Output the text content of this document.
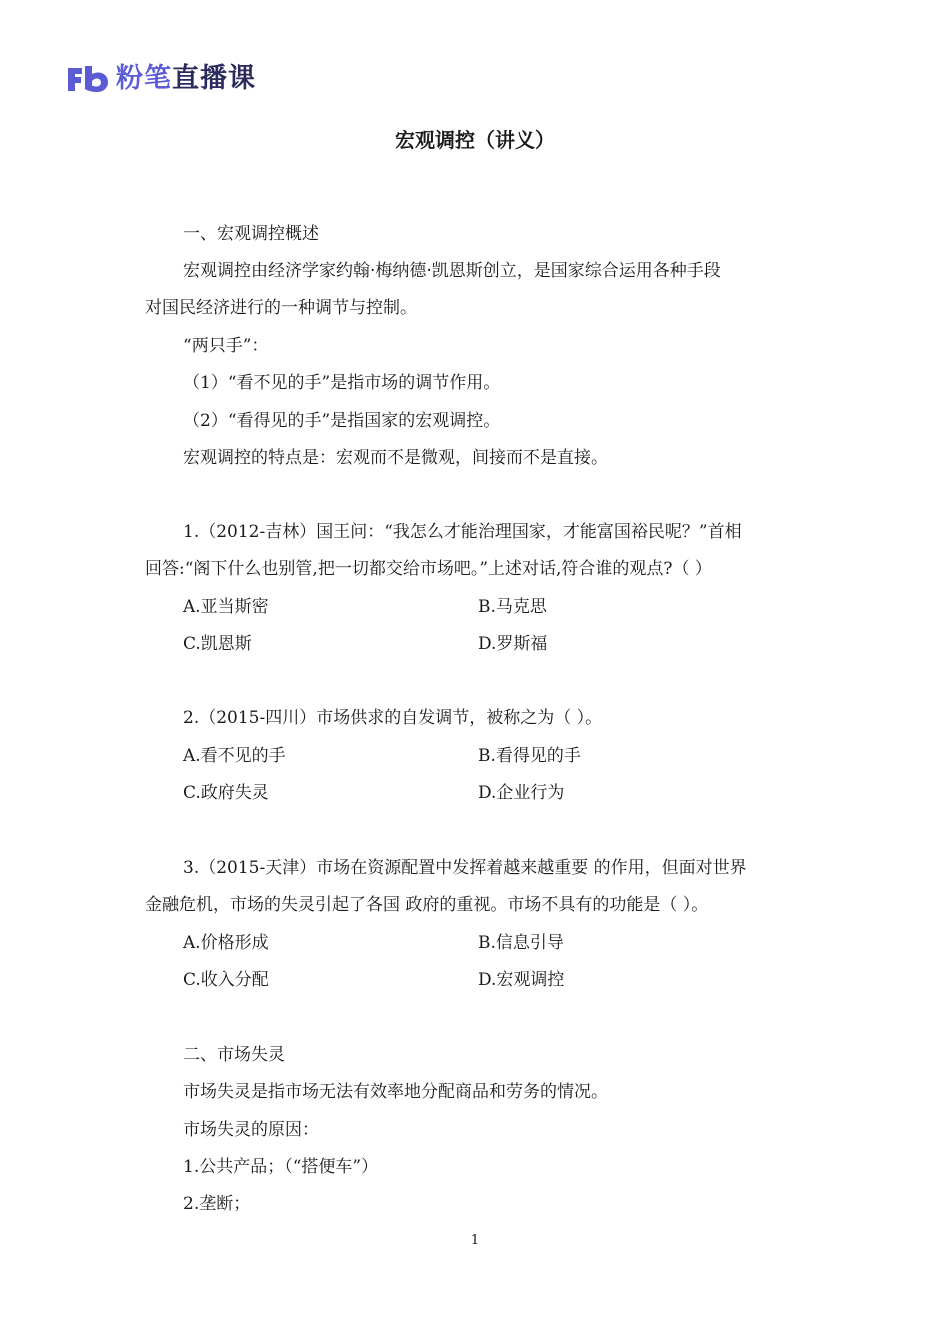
粉笔直播课
宏观调控（讲义）
一、宏观调控概述
宏观调控由经济学家约翰·梅纳德·凯恩斯创立，是国家综合运用各种手段
对国民经济进行的一种调节与控制。
“两只手”：
（1）“看不见的手”是指市场的调节作用。
（2）“看得见的手”是指国家的宏观调控。
宏观调控的特点是：宏观而不是微观，间接而不是直接。
1.（2012-吉林）国王问：“我怎么才能治理国家，才能富国裕民呢？”首相
回答:“阁下什么也别管,把一切都交给市场吧。”上述对话,符合谁的观点?（ ）
A.亚当斯密	B.马克思
C.凯恩斯	D.罗斯福
2.（2015-四川）市场供求的自发调节，被称之为（ ）。
A.看不见的手	B.看得见的手
C.政府失灵	D.企业行为
3.（2015-天津）市场在资源配置中发挥着越来越重要 的作用，但面对世界
金融危机，市场的失灵引起了各国 政府的重视。市场不具有的功能是（ ）。
A.价格形成	B.信息引导
C.收入分配	D.宏观调控
二、市场失灵
市场失灵是指市场无法有效率地分配商品和劳务的情况。
市场失灵的原因：
1.公共产品；（“搭便车”）
2.垄断；
1
